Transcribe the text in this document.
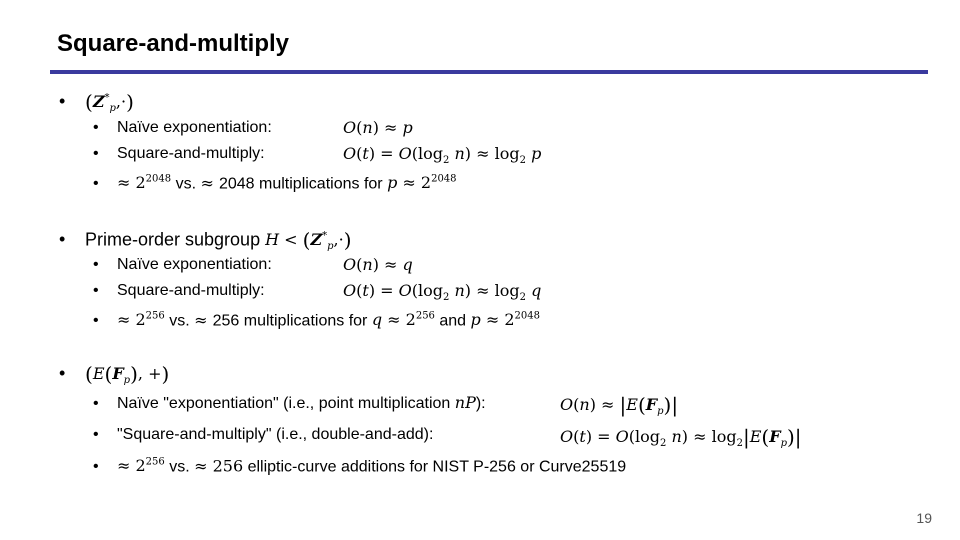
Square-and-multiply
• $(Z^*_p,\cdot)$
• Naïve exponentiation:	O(n) ≈ p
• Square-and-multiply:	$O(t) = O(\log_2$ $n) \approx \log_2 p$
• ≈ $2^{2048}$ vs. ≈ 2048 multiplications for $p \approx 2^{2048}$
• Prime-order subgroup $H < (Z^*_p,\cdot)$
• Naïve exponentiation:	O(n) ≈ q
• Square-and-multiply:	$O(t) = O(\log_2$ $n) \approx \log_2 q$
• ≈ $2^{256}$ vs. ≈ 256 multiplications for $q \approx 2^{256}$ and $p \approx 2^{2048}$
• ($E(F_p)$, +)
• Naïve "exponentiation" (i.e., point multiplication nP):	$O(n) \approx |E(F_p)|$
• "Square-and-multiply" (i.e., double-and-add):	$O(t) = O(\log_2$ $n) \approx \log_2|E(F_p)|$
• ≈ $2^{256}$ vs. ≈ 256 elliptic-curve additions for NIST P-256 or Curve25519
19
